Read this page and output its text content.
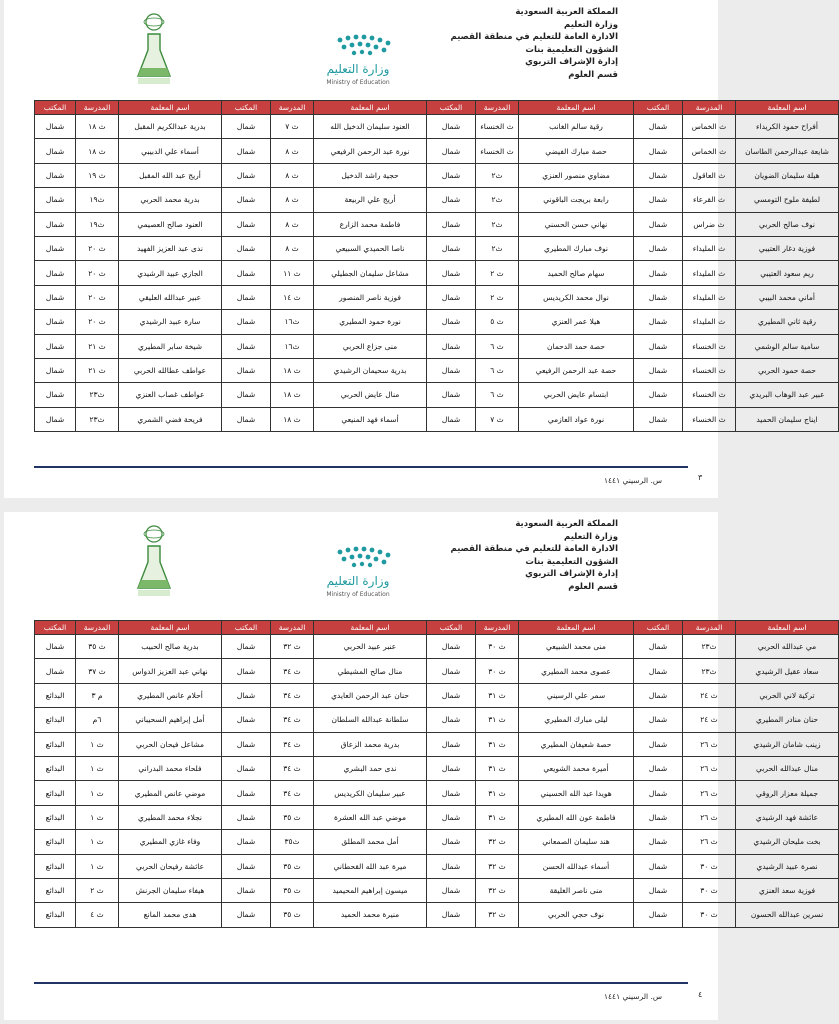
المملكة العربية السعودية
وزارة التعليم
الادارة العامة للتعليم في منطقة القصيم
الشؤون التعليمية بنات
إدارة الإشراف التربوي
قسم العلوم
وزارة التعليم
Ministry of Education
اسم المعلمة	المدرسة	المكتب	اسم المعلمة	المدرسة	المكتب	اسم المعلمة	المدرسة	المكتب	اسم المعلمة	المدرسة	المكتب
أفراح حمود الكريداء	ث الخماس	شمال	رقية سالم الغانب	ث الخنساء	شمال	العنود سليمان الدخيل الله	ث ٧	شمال	بدرية عبدالكريم المقبل	ث ١٨	شمال
شايعة عبدالرحمن الطاسان	ث الخماس	شمال	حصة مبارك الفيضي	ث الخنساء	شمال	نورة عبد الرحمن الرفيعي	ث ٨	شمال	أسماء علي الدبيبي	ث ١٨	شمال
هيلة سليمان الضويان	ث العاقول	شمال	مضاوي منصور العنزي	ث٢	شمال	حجية راشد الدخيل	ث ٨	شمال	أريج عبد الله المقبل	ث ١٩	شمال
لطيفة ملوح التومسي	ث القرعاء	شمال	رابعة بريجت الباقوني	ث٢	شمال	أريج علي الربيعة	ث ٨	شمال	بدرية محمد الحربي	ث١٩	شمال
نوف صالح الحربي	ث ضراس	شمال	نهاني حسن الحسني	ث٢	شمال	فاطمة محمد الزارع	ث ٨	شمال	العنود صالح العصيمي	ث١٩	شمال
فوزية دغار العتيبي	ث المليداء	شمال	نوف مبارك المطيري	ث٢	شمال	ناصا الحميدي السبيعي	ث ٨	شمال	ندى عبد العزيز الفهيد	ث ٢٠	شمال
ريم سعود العتيبي	ث المليداء	شمال	سهام صالح الحميد	ث ٢	شمال	مشاعل سليمان الجطيلي	ث ١١	شمال	الجازي عبيد الرشيدي	ث ٢٠	شمال
أماني محمد البيبي	ث المليداء	شمال	نوال محمد الكريديس	ث ٢	شمال	فوزية ناصر المنصور	ث ١٤	شمال	عبير عبدالله العليقي	ث ٢٠	شمال
رقية ثاني المطيري	ث المليداء	شمال	هيلا عمر العنزي	ث ٥	شمال	نورة حمود المطيري	ث١٦	شمال	سارة عبيد الرشيدي	ث ٢٠	شمال
سامية سالم الوشمي	ث الخنساء	شمال	حصة حمد الدحمان	ث ٦	شمال	منى جزاع الحربي	ث١٦	شمال	شيخة سابر المطيري	ث ٢١	شمال
حصة حمود الحربي	ث الخنساء	شمال	حصة عبد الرحمن الرفيعي	ث ٦	شمال	بدرية سحيمان الرشيدي	ث ١٨	شمال	عواطف عطالله الحربي	ث ٢١	شمال
عبير عبد الوهاب البريدي	ث الخنساء	شمال	ابتسام عايض الحربي	ث ٦	شمال	منال عايض الحربي	ث ١٨	شمال	عواطف غصاب العنزي	ث٢٣	شمال
ايناج سليمان الحميد	ث الخنساء	شمال	نورة عواد العازمي	ث ٧	شمال	أسماء فهد المنيعي	ث ١٨	شمال	فريحة فضي الشمري	ث٢٣	شمال
٣
س. الرسيني ١٤٤١
المملكة العربية السعودية
وزارة التعليم
الادارة العامة للتعليم في منطقة القصيم
الشؤون التعليمية بنات
إدارة الإشراف التربوي
قسم العلوم
وزارة التعليم
Ministry of Education
اسم المعلمة	المدرسة	المكتب	اسم المعلمة	المدرسة	المكتب	اسم المعلمة	المدرسة	المكتب	اسم المعلمة	المدرسة	المكتب
مي عبدالله الحربي	ث٢٣	شمال	منى محمد الشبيعي	ث ٣٠	شمال	عنبر عبيد الحربي	ث ٣٢	شمال	بدرية صالح الحبيب	ث ٣٥	شمال
سعاد عقيل الرشيدي	ث٢٣	شمال	عصوى محمد المطيري	ث ٣٠	شمال	منال صالح المشيطي	ث ٣٤	شمال	نهاني عبد العزيز الدواس	ث ٣٧	شمال
تركية لاني الحربي	ث ٢٤	شمال	سمر علي الرسيني	ث ٣١	شمال	حنان عبد الرحمن العايدي	ث ٣٤	شمال	أحلام عانص المطيري	م ٣	البدائع
حنان منادر المطيري	ث ٢٤	شمال	ليلى مبارك المطيري	ث ٣١	شمال	سلطانة عبدالله السلطان	ث ٣٤	شمال	أمل إبراهيم السحيباني	٦م	البدائع
زينب شامان الرشيدي	ث ٢٦	شمال	حصة شعيفان المطيري	ث ٣١	شمال	بدرية محمد الزعاق	ث ٣٤	شمال	مشاعل فيحان الحربي	ث ١	البدائع
منال عبدالله الحربي	ث ٢٦	شمال	أميرة محمد الشويعي	ث ٣١	شمال	ندى حمد البشري	ث ٣٤	شمال	فلحاء محمد البدراني	ث ١	البدائع
جميلة معزار الروقي	ث ٢٦	شمال	هويدا عبد الله الحسيني	ث ٣١	شمال	عبير سليمان الكريديس	ث ٣٤	شمال	موضي عانص المطيري	ث ١	البدائع
عائشة فهد الرشيدي	ث ٢٦	شمال	فاطمة عون الله المطيري	ث ٣١	شمال	موضي عبد الله العشرة	ث ٣٥	شمال	نجلاء محمد المطيري	ث ١	البدائع
بخت مليحان الرشيدي	ث ٢٦	شمال	هند سليمان الصمعاني	ث ٣٢	شمال	أمل محمد المطلق	ث٣٥	شمال	وفاء غازي المطيري	ث ١	البدائع
نصرة عبيد الرشيدي	ث ٣٠	شمال	أسماء عبدالله الحسن	ث ٣٢	شمال	ميرة عبد الله القحطاني	ث ٣٥	شمال	عائشة رفيحان الحربي	ث ١	البدائع
فوزية سعد العنزي	ث ٣٠	شمال	منى ناصر الغليقة	ث ٣٢	شمال	ميسون إبراهيم المحيميد	ث ٣٥	شمال	هيفاء سليمان الجرنش	ث ٢	البدائع
نسرين عبدالله الحسون	ث ٣٠	شمال	نوف حجي الحربي	ث ٣٢	شمال	منيرة محمد الحميد	ث ٣٥	شمال	هدى محمد المانع	ث ٤	البدائع
٤
س. الرسيني ١٤٤١
